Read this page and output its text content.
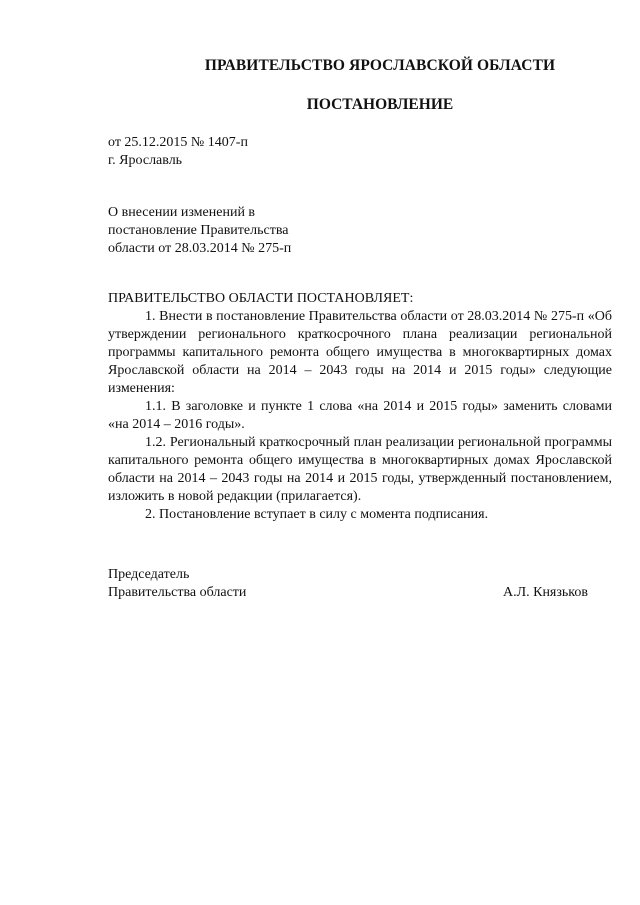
ПРАВИТЕЛЬСТВО ЯРОСЛАВСКОЙ ОБЛАСТИ
ПОСТАНОВЛЕНИЕ
от 25.12.2015 № 1407-п
г. Ярославль
О внесении изменений в
постановление Правительства
области от 28.03.2014 № 275-п

ПРАВИТЕЛЬСТВО ОБЛАСТИ ПОСТАНОВЛЯЕТ:

1. Внести в постановление Правительства области от 28.03.2014 № 275-п «Об утверждении регионального краткосрочного плана реализации региональной программы капитального ремонта общего имущества в многоквартирных домах Ярославской области на 2014 – 2043 годы на 2014 и 2015 годы» следующие изменения:

1.1. В заголовке и пункте 1 слова «на 2014 и 2015 годы» заменить словами «на 2014 – 2016 годы».

1.2. Региональный краткосрочный план реализации региональной программы капитального ремонта общего имущества в многоквартирных домах Ярославской области на 2014 – 2043 годы на 2014 и 2015 годы, утвержденный постановлением, изложить в новой редакции (прилагается).

2. Постановление вступает в силу с момента подписания.

Председатель
Правительства области	А.Л. Князьков
